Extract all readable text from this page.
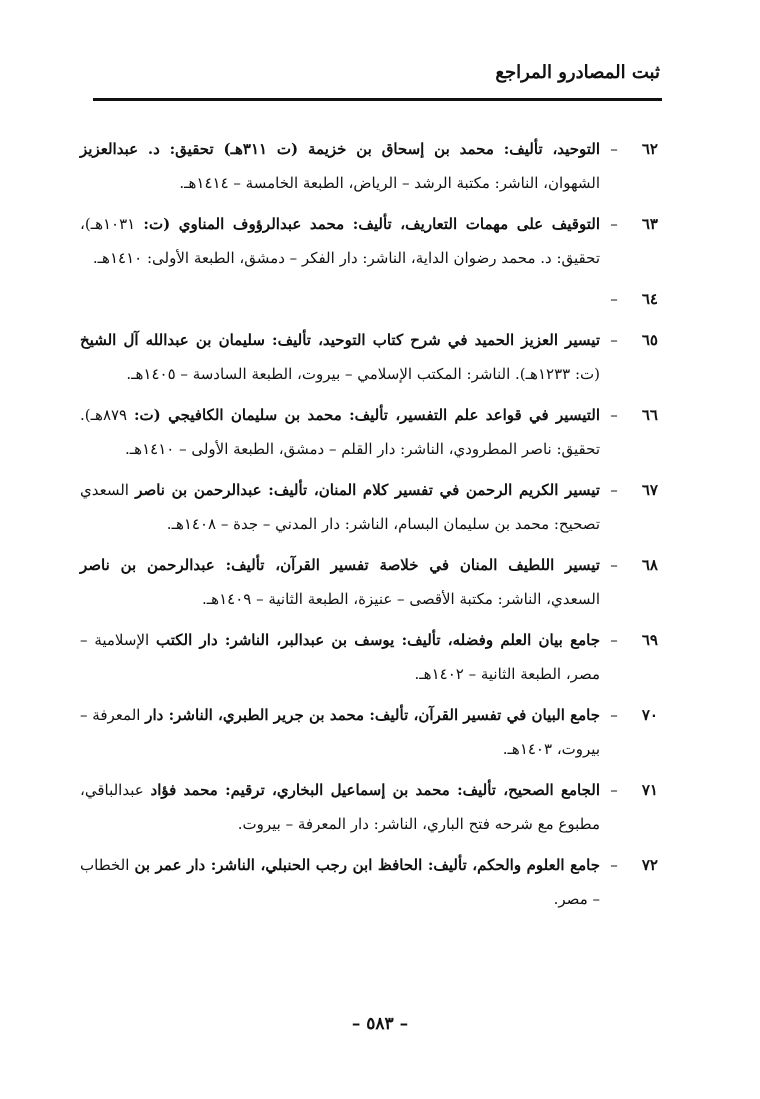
ثبت المصادرو المراجع
٦٢
–
التوحيد، تأليف: محمد بن إسحاق بن خزيمة (ت ٣١١هـ) تحقيق: د. عبدالعزيز الشهوان، الناشر: مكتبة الرشد – الرياض، الطبعة الخامسة – ١٤١٤هـ.
٦٣
–
التوقيف على مهمات التعاريف، تأليف: محمد عبدالرؤوف المناوي (ت: ١٠٣١هـ)، تحقيق: د. محمد رضوان الداية، الناشر: دار الفكر – دمشق، الطبعة الأولى: ١٤١٠هـ.
٦٤
–
٦٥
–
تيسير العزيز الحميد في شرح كتاب التوحيد، تأليف: سليمان بن عبدالله آل الشيخ (ت: ١٢٣٣هـ). الناشر: المكتب الإسلامي – بيروت، الطبعة السادسة – ١٤٠٥هـ.
٦٦
–
التيسير في قواعد علم التفسير، تأليف: محمد بن سليمان الكافيجي (ت: ٨٧٩هـ). تحقيق: ناصر المطرودي، الناشر: دار القلم – دمشق، الطبعة الأولى – ١٤١٠هـ.
٦٧
–
تيسير الكريم الرحمن في تفسير كلام المنان، تأليف: عبدالرحمن بن ناصر السعدي تصحيح: محمد بن سليمان البسام، الناشر: دار المدني – جدة – ١٤٠٨هـ.
٦٨
–
تيسير اللطيف المنان في خلاصة تفسير القرآن، تأليف: عبدالرحمن بن ناصر السعدي، الناشر: مكتبة الأقصى – عنيزة، الطبعة الثانية – ١٤٠٩هـ.
٦٩
–
جامع بيان العلم وفضله، تأليف: يوسف بن عبدالبر، الناشر: دار الكتب الإسلامية – مصر، الطبعة الثانية – ١٤٠٢هـ.
٧٠
–
جامع البيان في تفسير القرآن، تأليف: محمد بن جرير الطبري، الناشر: دار المعرفة – بيروت، ١٤٠٣هـ.
٧١
–
الجامع الصحيح، تأليف: محمد بن إسماعيل البخاري، ترقيم: محمد فؤاد عبدالباقي، مطبوع مع شرحه فتح الباري، الناشر: دار المعرفة – بيروت.
٧٢
–
جامع العلوم والحكم، تأليف: الحافظ ابن رجب الحنبلي، الناشر: دار عمر بن الخطاب – مصر.
– ٥٨٣ –
